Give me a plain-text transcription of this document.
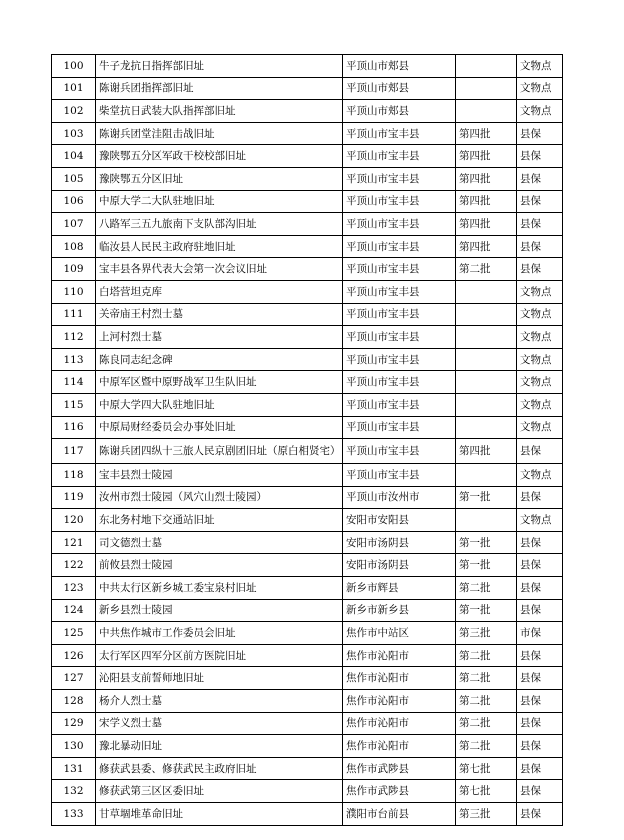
100	牛子龙抗日指挥部旧址	平顶山市郏县		文物点
101	陈谢兵团指挥部旧址	平顶山市郏县		文物点
102	柴堂抗日武装大队指挥部旧址	平顶山市郏县		文物点
103	陈谢兵团堂洼阻击战旧址	平顶山市宝丰县	第四批	县保
104	豫陕鄂五分区军政干校校部旧址	平顶山市宝丰县	第四批	县保
105	豫陕鄂五分区旧址	平顶山市宝丰县	第四批	县保
106	中原大学二大队驻地旧址	平顶山市宝丰县	第四批	县保
107	八路军三五九旅南下支队部沟旧址	平顶山市宝丰县	第四批	县保
108	临汝县人民民主政府驻地旧址	平顶山市宝丰县	第四批	县保
109	宝丰县各界代表大会第一次会议旧址	平顶山市宝丰县	第二批	县保
110	白塔营坦克库	平顶山市宝丰县		文物点
111	关帝庙王村烈士墓	平顶山市宝丰县		文物点
112	上河村烈士墓	平顶山市宝丰县		文物点
113	陈良同志纪念碑	平顶山市宝丰县		文物点
114	中原军区暨中原野战军卫生队旧址	平顶山市宝丰县		文物点
115	中原大学四大队驻地旧址	平顶山市宝丰县		文物点
116	中原局财经委员会办事处旧址	平顶山市宝丰县		文物点
117	陈谢兵团四纵十三旅人民京剧团旧址（原白相贤宅）	平顶山市宝丰县	第四批	县保
118	宝丰县烈士陵园	平顶山市宝丰县		文物点
119	汝州市烈士陵园（风穴山烈士陵园）	平顶山市汝州市	第一批	县保
120	东北务村地下交通站旧址	安阳市安阳县		文物点
121	司文德烈士墓	安阳市汤阴县	第一批	县保
122	前攸县烈士陵园	安阳市汤阴县	第一批	县保
123	中共太行区新乡城工委宝泉村旧址	新乡市辉县	第二批	县保
124	新乡县烈士陵园	新乡市新乡县	第一批	县保
125	中共焦作城市工作委员会旧址	焦作市中站区	第三批	市保
126	太行军区四军分区前方医院旧址	焦作市沁阳市	第二批	县保
127	沁阳县支前誓师地旧址	焦作市沁阳市	第二批	县保
128	杨介人烈士墓	焦作市沁阳市	第二批	县保
129	宋学义烈士墓	焦作市沁阳市	第二批	县保
130	豫北暴动旧址	焦作市沁阳市	第二批	县保
131	修获武县委、修获武民主政府旧址	焦作市武陟县	第七批	县保
132	修获武第三区区委旧址	焦作市武陟县	第七批	县保
133	甘草堌堆革命旧址	濮阳市台前县	第三批	县保
